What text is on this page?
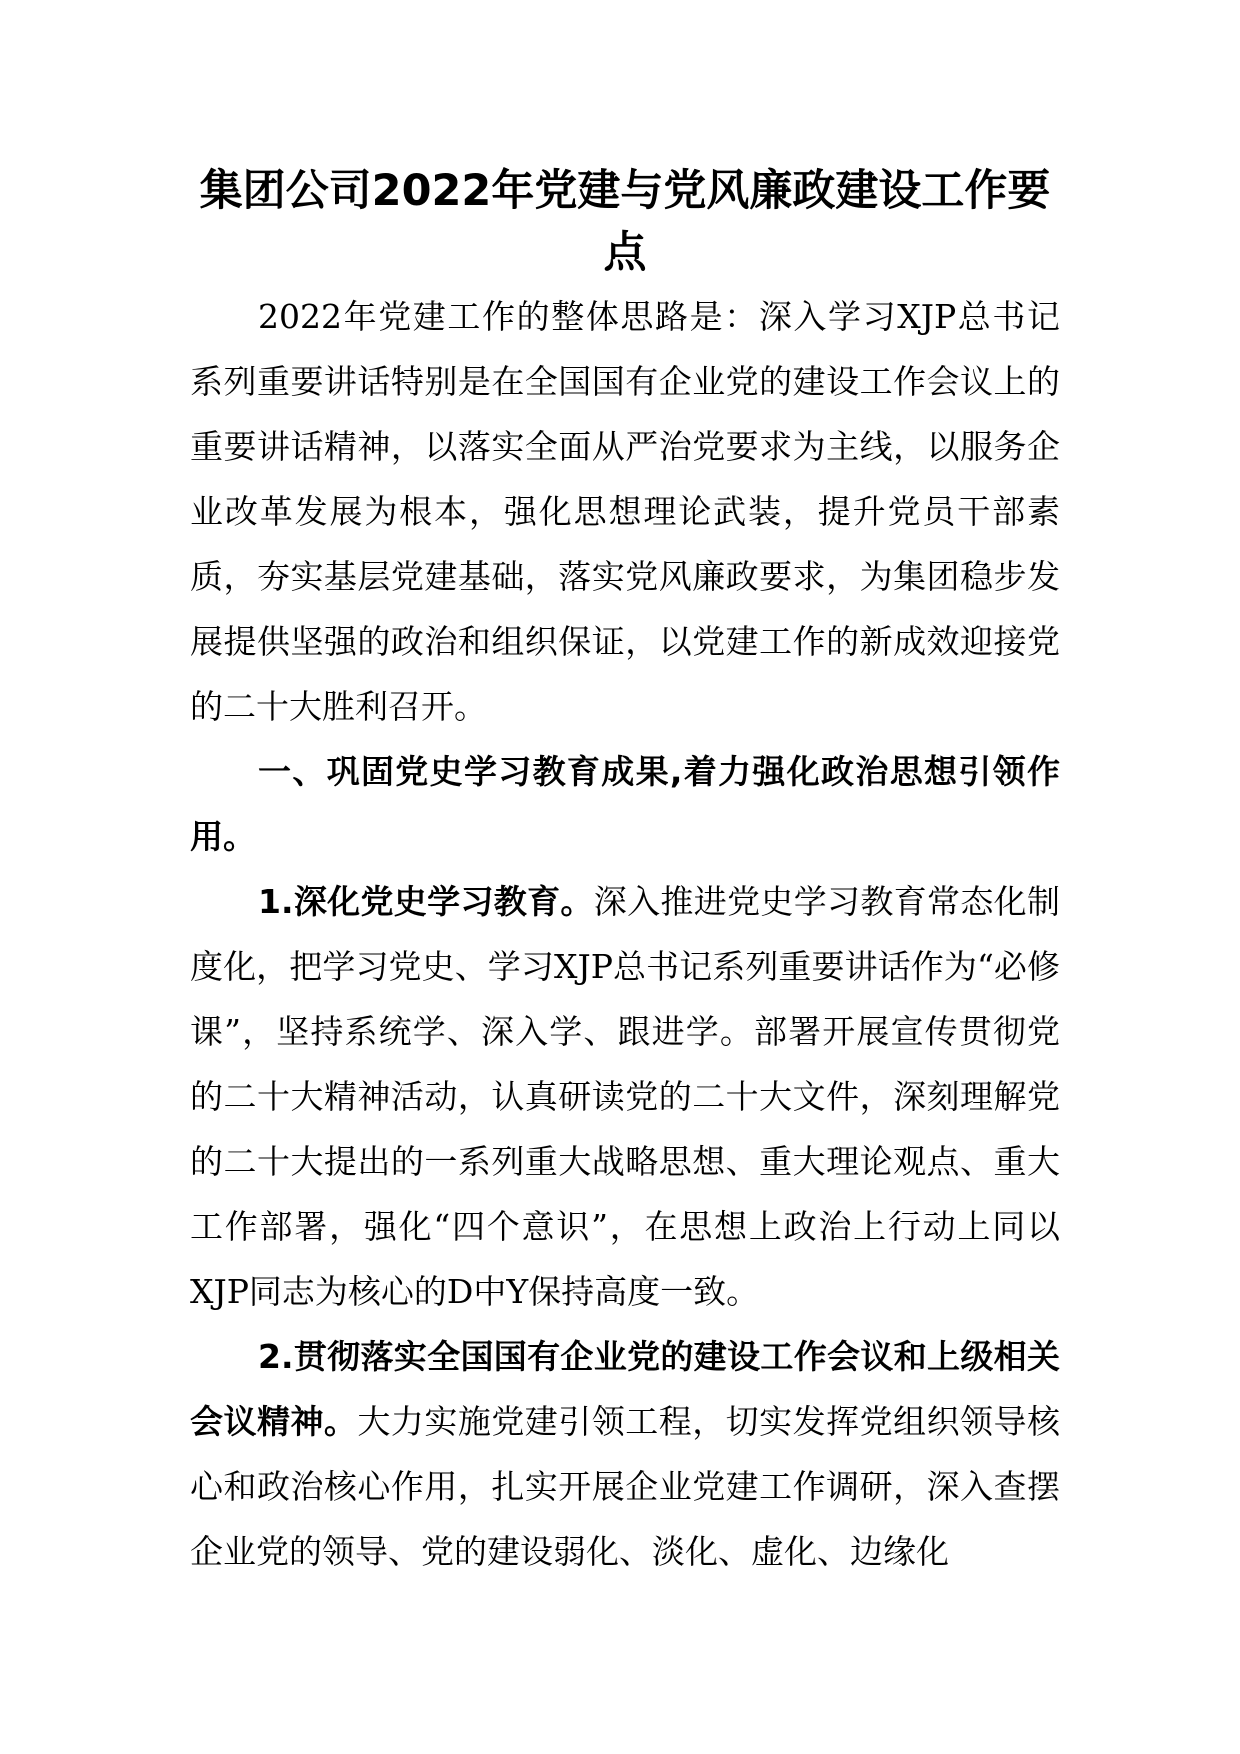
集团公司2022年党建与党风廉政建设工作要点

2022年党建工作的整体思路是：深入学习XJP总书记系列重要讲话特别是在全国国有企业党的建设工作会议上的重要讲话精神，以落实全面从严治党要求为主线，以服务企业改革发展为根本，强化思想理论武装，提升党员干部素质，夯实基层党建基础，落实党风廉政要求，为集团稳步发展提供坚强的政治和组织保证，以党建工作的新成效迎接党的二十大胜利召开。

一、巩固党史学习教育成果,着力强化政治思想引领作用。

1.深化党史学习教育。深入推进党史学习教育常态化制度化，把学习党史、学习XJP总书记系列重要讲话作为“必修课”，坚持系统学、深入学、跟进学。部署开展宣传贯彻党的二十大精神活动，认真研读党的二十大文件，深刻理解党的二十大提出的一系列重大战略思想、重大理论观点、重大工作部署，强化“四个意识”，在思想上政治上行动上同以XJP同志为核心的D中Y保持高度一致。

2.贯彻落实全国国有企业党的建设工作会议和上级相关会议精神。大力实施党建引领工程，切实发挥党组织领导核心和政治核心作用，扎实开展企业党建工作调研，深入查摆企业党的领导、党的建设弱化、淡化、虚化、边缘化
